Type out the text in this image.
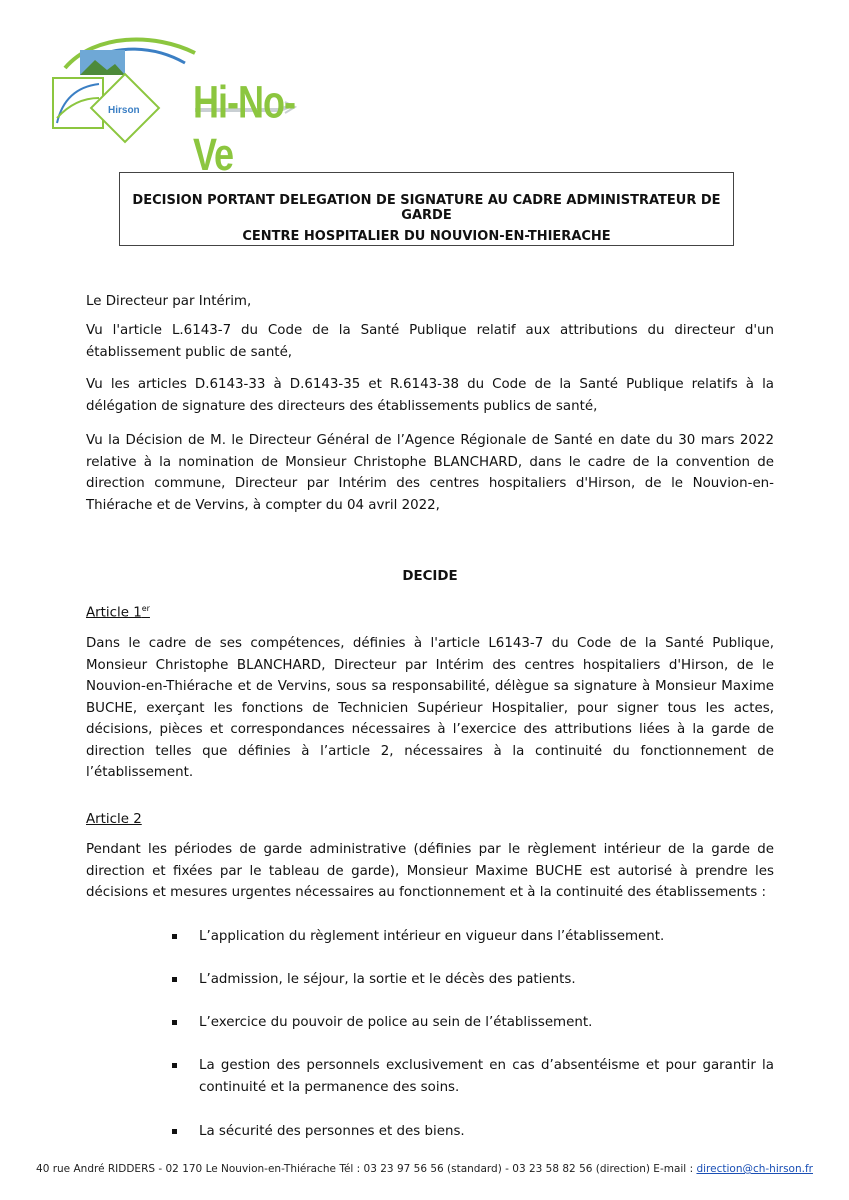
Hirson Hi-No-Ve
DECISION PORTANT DELEGATION DE SIGNATURE AU CADRE ADMINISTRATEUR DE GARDE
CENTRE HOSPITALIER DU NOUVION-EN-THIERACHE
Le Directeur par Intérim,
Vu l'article L.6143-7 du Code de la Santé Publique relatif aux attributions du directeur d'un établissement public de santé,
Vu les articles D.6143-33 à D.6143-35 et R.6143-38 du Code de la Santé Publique relatifs à la délégation de signature des directeurs des établissements publics de santé,
Vu la Décision de M. le Directeur Général de l’Agence Régionale de Santé en date du 30 mars 2022 relative à la nomination de Monsieur Christophe BLANCHARD, dans le cadre de la convention de direction commune, Directeur par Intérim des centres hospitaliers d'Hirson, de le Nouvion-en-Thiérache et de Vervins, à compter du 04 avril 2022,
DECIDE
Article 1er
Dans le cadre de ses compétences, définies à l'article L6143-7 du Code de la Santé Publique, Monsieur Christophe BLANCHARD, Directeur par Intérim des centres hospitaliers d'Hirson, de le Nouvion-en-Thiérache et de Vervins, sous sa responsabilité, délègue sa signature à Monsieur Maxime BUCHE, exerçant les fonctions de Technicien Supérieur Hospitalier, pour signer tous les actes, décisions, pièces et correspondances nécessaires à l’exercice des attributions liées à la garde de direction telles que définies à l’article 2, nécessaires à la continuité du fonctionnement de l’établissement.
Article 2
Pendant les périodes de garde administrative (définies par le règlement intérieur de la garde de direction et fixées par le tableau de garde), Monsieur Maxime BUCHE est autorisé à prendre les décisions et mesures urgentes nécessaires au fonctionnement et à la continuité des établissements :
L’application du règlement intérieur en vigueur dans l’établissement.
L’admission, le séjour, la sortie et le décès des patients.
L’exercice du pouvoir de police au sein de l’établissement.
La gestion des personnels exclusivement en cas d’absentéisme et pour garantir la continuité et la permanence des soins.
La sécurité des personnes et des biens.
40 rue André RIDDERS - 02 170 Le Nouvion-en-Thiérache Tél : 03 23 97 56 56 (standard) - 03 23 58 82 56 (direction) E-mail : direction@ch-hirson.fr
